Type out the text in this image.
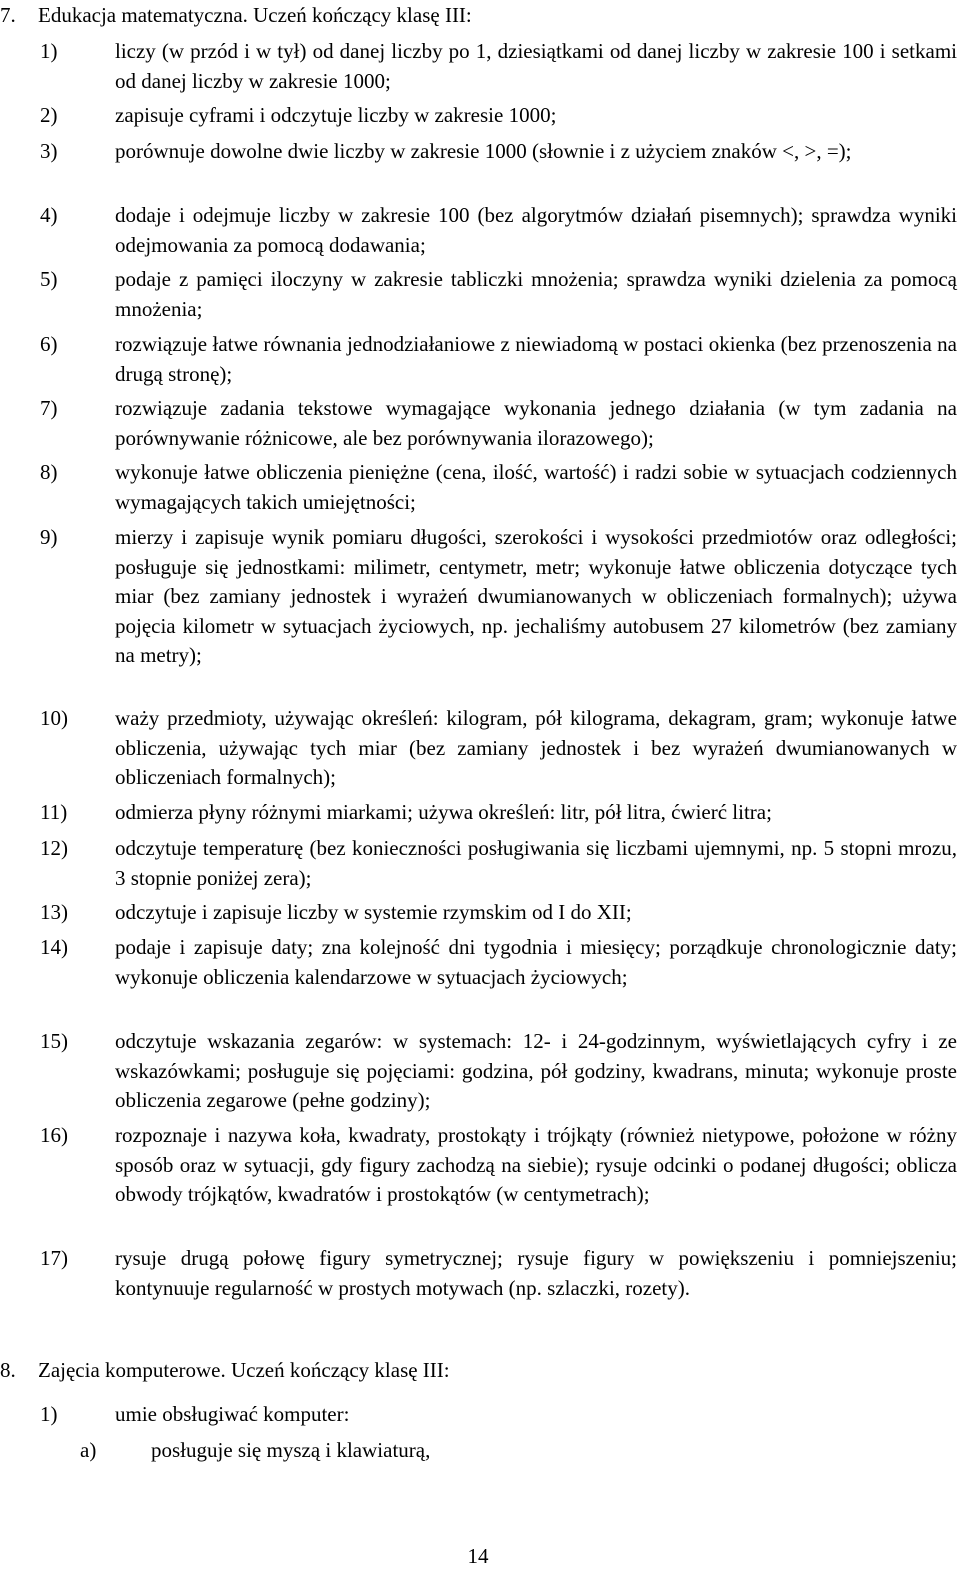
7. Edukacja matematyczna. Uczeń kończący klasę III:
1)	liczy (w przód i w tył) od danej liczby po 1, dziesiątkami od danej liczby w zakresie 100 i setkami od danej liczby w zakresie 1000;
2)	zapisuje cyframi i odczytuje liczby w zakresie 1000;
3)	porównuje dowolne dwie liczby w zakresie 1000 (słownie i z użyciem znaków <, >, =);
4)	dodaje i odejmuje liczby w zakresie 100 (bez algorytmów działań pisemnych); sprawdza wyniki odejmowania za pomocą dodawania;
5)	podaje z pamięci iloczyny w zakresie tabliczki mnożenia; sprawdza wyniki dzielenia za pomocą mnożenia;
6)	rozwiązuje łatwe równania jednodziałaniowe z niewiadomą w postaci okienka (bez przenoszenia na drugą stronę);
7)	rozwiązuje zadania tekstowe wymagające wykonania jednego działania (w tym zadania na porównywanie różnicowe, ale bez porównywania ilorazowego);
8)	wykonuje łatwe obliczenia pieniężne (cena, ilość, wartość) i radzi sobie w sytuacjach codziennych wymagających takich umiejętności;
9)	mierzy i zapisuje wynik pomiaru długości, szerokości i wysokości przedmiotów oraz odległości; posługuje się jednostkami: milimetr, centymetr, metr; wykonuje łatwe obliczenia dotyczące tych miar (bez zamiany jednostek i wyrażeń dwumianowanych w obliczeniach formalnych); używa pojęcia kilometr w sytuacjach życiowych, np. jechaliśmy autobusem 27 kilometrów (bez zamiany na metry);
10) waży przedmioty, używając określeń: kilogram, pół kilograma, dekagram, gram; wykonuje łatwe obliczenia, używając tych miar (bez zamiany jednostek i bez wyrażeń dwumianowanych w obliczeniach formalnych);
11) odmierza płyny różnymi miarkami; używa określeń: litr, pół litra, ćwierć litra;
12) odczytuje temperaturę (bez konieczności posługiwania się liczbami ujemnymi, np. 5 stopni mrozu, 3 stopnie poniżej zera);
13) odczytuje i zapisuje liczby w systemie rzymskim od I do XII;
14) podaje i zapisuje daty; zna kolejność dni tygodnia i miesięcy; porządkuje chronologicznie daty; wykonuje obliczenia kalendarzowe w sytuacjach życiowych;
15) odczytuje wskazania zegarów: w systemach: 12- i 24-godzinnym, wyświetlających cyfry i ze wskazówkami; posługuje się pojęciami: godzina, pół godziny, kwadrans, minuta; wykonuje proste obliczenia zegarowe (pełne godziny);
16) rozpoznaje i nazywa koła, kwadraty, prostokąty i trójkąty (również nietypowe, położone w różny sposób oraz w sytuacji, gdy figury zachodzą na siebie); rysuje odcinki o podanej długości; oblicza obwody trójkątów, kwadratów i prostokątów (w centymetrach);
17) rysuje drugą połowę figury symetrycznej; rysuje figury w powiększeniu i pomniejszeniu; kontynuuje regularność w prostych motywach (np. szlaczki, rozety).
8. Zajęcia komputerowe. Uczeń kończący klasę III:
1)	umie obsługiwać komputer:
a)	posługuje się myszą i klawiaturą,
14
